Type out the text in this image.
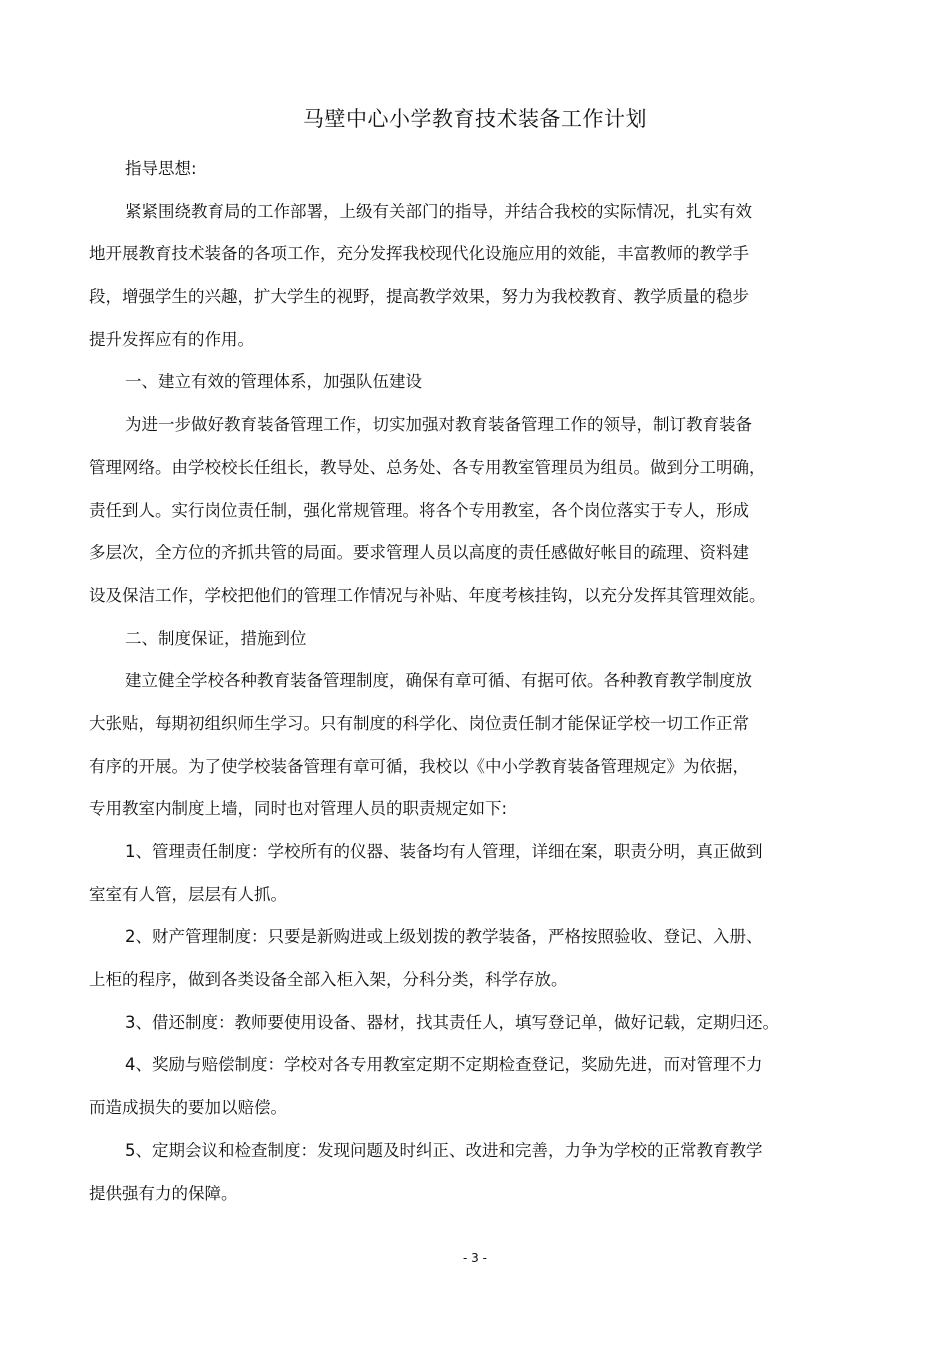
马壁中心小学教育技术装备工作计划
指导思想:
紧紧围绕教育局的工作部署，上级有关部门的指导，并结合我校的实际情况，扎实有效
地开展教育技术装备的各项工作，充分发挥我校现代化设施应用的效能，丰富教师的教学手
段，增强学生的兴趣，扩大学生的视野，提高教学效果，努力为我校教育、教学质量的稳步
提升发挥应有的作用。
一、建立有效的管理体系，加强队伍建设
为进一步做好教育装备管理工作，切实加强对教育装备管理工作的领导，制订教育装备
管理网络。由学校校长任组长，教导处、总务处、各专用教室管理员为组员。做到分工明确，
责任到人。实行岗位责任制，强化常规管理。将各个专用教室，各个岗位落实于专人，形成
多层次，全方位的齐抓共管的局面。要求管理人员以高度的责任感做好帐目的疏理、资料建
设及保洁工作，学校把他们的管理工作情况与补贴、年度考核挂钩，以充分发挥其管理效能。
二、制度保证，措施到位
建立健全学校各种教育装备管理制度，确保有章可循、有据可依。各种教育教学制度放
大张贴，每期初组织师生学习。只有制度的科学化、岗位责任制才能保证学校一切工作正常
有序的开展。为了使学校装备管理有章可循，我校以《中小学教育装备管理规定》为依据，
专用教室内制度上墙，同时也对管理人员的职责规定如下:
1、管理责任制度：学校所有的仪器、装备均有人管理，详细在案，职责分明，真正做到
室室有人管，层层有人抓。
2、财产管理制度：只要是新购进或上级划拨的教学装备，严格按照验收、登记、入册、
上柜的程序，做到各类设备全部入柜入架，分科分类，科学存放。
3、借还制度：教师要使用设备、器材，找其责任人，填写登记单，做好记载，定期归还。
4、奖励与赔偿制度：学校对各专用教室定期不定期检查登记，奖励先进，而对管理不力
而造成损失的要加以赔偿。
5、定期会议和检查制度：发现问题及时纠正、改进和完善，力争为学校的正常教育教学
提供强有力的保障。
- 3 -
